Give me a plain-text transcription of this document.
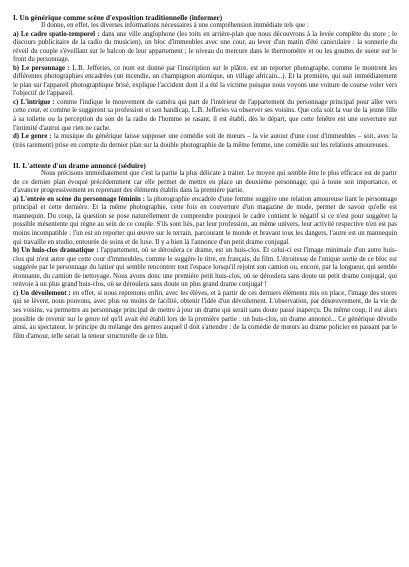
I. Un générique comme scène d'exposition traditionnelle (informer)

Il donne, en effet, les diverses informations nécessaires à une compréhension immédiate tels que :

a) Le cadre spatio-temporel : dans une ville anglophone (les toits en arrière-plan que nous découvrons à la levée complète du store ; le discours publicitaire de la radio du musicien), un bloc d'immeubles avec une cour, au lever d'un matin d'été caniculaire : la sonnerie du réveil du couple s'éveillant sur le balcon de leur appartement ; le niveau du mercure dans le thermomètre et ou les gouttes de sueur sur le front du personnage.

b) Le personnage : L.B. Jefferies, ce nom est donné par l'inscription sur le plâtre, est un reporter photographe, comme le montrent les différentes photographies encadrées (un incendie, un champignon atomique, un village africain...). Et la première, qui suit immédiatement le plan sur l'appareil photographique brisé, explique l'accident dont il a été la victime puisque nous voyons une voiture de course voler vers l'objectif de l'appareil.

c) L'intrigue : comme l'indique le mouvement de caméra qui part de l'intérieur de l'appartement du personnage principal pour aller vers cette cour, et comme le suggèrent sa profession et son handicap, L.B. Jefferies va observer ses voisins. Que cela soit la vue de la jeune fille à sa toilette ou la perception du son de la radio de l'homme se rasant, il est établi, dès le départ, que cette fenêtre est une ouverture sur l'intimité d'autrui que rien ne cache.

d) Le genre : la musique du générique laisse supposer une comédie soit de mœurs – la vie autour d'une cour d'immeubles – soit, avec la (très rarement) prise en compte du dernier plan sur la double photographie de la même femme, une comédie sur les relations amoureuses.

II. L'attente d'un drame annoncé (séduire)

Nous précisons immédiatement que c'est la partie la plus délicate à traiter. Le moyen qui semble être le plus efficace est de partir de ce dernier plan évoqué précédemment car elle permet de mettre en place un deuxième personnage, qui à toute son importance, et d'avancer progressivement en reprenant des éléments établis dans la première partie.

a) L'entrée en scène du personnage féminin : la photographie encadrée d'une femme suggère une relation amoureuse liant le personnage principal et cette dernière. Et la même photographie, cette fois en couverture d'un magazine de mode, permet de savoir qu'elle est mannequin. Du coup, la question se pose naturellement de comprendre pourquoi le cadre contient le négatif si ce n'est pour suggérer la possible mésentente qui règne au sein de ce couple. S'ils sont liés, par leur profession, au même univers, leur activité respective n'en est pas moins incompatible : l'un est un reporter qui œuvre sur le terrain, parcourant le monde et bravant tous les dangers, l'autre est un mannequin qui travaille en studio, entourée de soins et de luxe. Il y a bien là l'annonce d'un petit drame conjugal.

b) Un huis-clos dramatique : l'appartement, où se déroulera ce drame, est un huis-clos. Et celui-ci est l'image minimale d'un autre huis-clos qui n'est autre que cette cour d'immeubles, comme le suggère le titre, en français, du film. L'étroitesse de l'unique sortie de ce bloc est suggérée par le personnage du laitier qui semble rencontrer tout l'espace lorsqu'il rejoint son camion ou, encore, par la longueur, qui semble étonnante, du camion de nettoyage. Nous avons donc une première petit huis-clos, où se déroulera sans doute un petit drame conjugal, qui renvoie à un plus grand huis-clos, où se déroulera sans doute un plus grand drame conjugal !

c) Un dévoilement : en effet, si nous reprenons enfin, avec les élèves, et à partir de ces derniers éléments mis en place, l'image des stores qui se lèvent, nous pouvons, avec plus ou moins de facilité, obtenir l'idée d'un dévoilement. L'observation, par désœuvrement, de la vie de ses voisins, va permettre au personnage principal de mettre à jour un drame qui serait sans doute passé inaperçu. Du même coup, il est alors possible de revenir sur le genre tel qu'il avait été établi lors de la première partie : un huis-clos, un drame annoncé... Ce générique dévoile ainsi, au spectateur, le principe du mélange des genres auquel il doit s'attendre : de la comédie de mœurs au drame policier en passant par le film d'amour, telle serait la teneur structurelle de ce film.
